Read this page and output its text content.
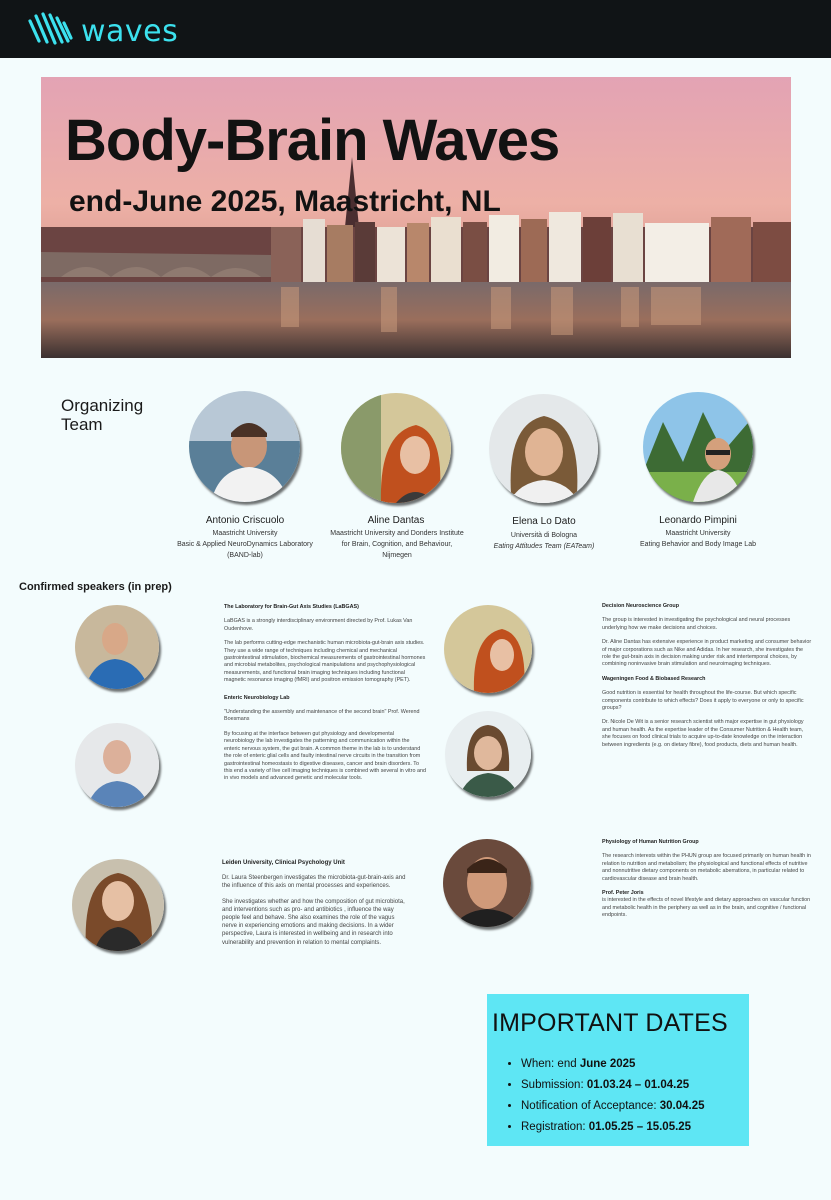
waves
Body-Brain Waves
end-June 2025, Maastricht, NL
Organizing
Team
Antonio Criscuolo
Maastricht University
Basic & Applied NeuroDynamics Laboratory
(BAND-lab)
Aline Dantas
Maastricht University and Donders Institute
for Brain, Cognition, and Behaviour,
Nijmegen
Elena Lo Dato
Università di Bologna
Eating Attitudes Team (EATeam)
Leonardo Pimpini
Maastricht University
Eating Behavior and Body Image Lab
Confirmed speakers (in prep)
The Laboratory for Brain-Gut Axis Studies (LaBGAS)

LaBGAS is a strongly interdisciplinary environment directed by Prof. Lukas Van Oudenhove.

The lab performs cutting-edge mechanistic human microbiota-gut-brain axis studies. They use a wide range of techniques including chemical and mechanical gastrointestinal stimulation, biochemical measurements of gastrointestinal hormones and microbial metabolites, psychological manipulations and psychophysiological measurements, and functional brain imaging techniques including functional magnetic resonance imaging (fMRI) and positron emission tomography (PET).

Enteric Neurobiology Lab

"Understanding the assembly and maintenance of the second brain" Prof. Werend Boesmans

By focusing at the interface between gut physiology and developmental neurobiology the lab investigates the patterning and communication within the enteric nervous system, the gut brain. A common theme in the lab is to understand the role of enteric glial cells and faulty intestinal nerve circuits in the transition from gastrointestinal homeostasis to digestive diseases, cancer and brain disorders. To this end a variety of live cell imaging techniques is combined with several in vitro and in vivo models and advanced genetic and molecular tools.

Leiden University, Clinical Psychology Unit

Dr. Laura Steenbergen investigates the microbiota-gut-brain-axis and the influence of this axis on mental processes and experiences.

She investigates whether and how the composition of gut microbiota, and interventions such as pro- and antibiotics , influence the way people feel and behave. She also examines the role of the vagus nerve in experiencing emotions and making decisions. In a wider perspective, Laura is interested in wellbeing and in research into vulnerability and prevention in relation to mental complaints.

Decision Neuroscience Group

The group is interested in investigating the psychological and neural processes underlying how we make decisions and choices.

Dr. Aline Dantas has extensive experience in product marketing and consumer behavior of major corporations such as Nike and Adidas. In her research, she investigates the role the gut-brain axis in decision making under risk and intertemporal choices, by combining noninvasive brain stimulation and neuroimaging techniques.

Wageningen Food & Biobased Research

Good nutrition is essential for health throughout the life-course. But which specific components contribute to which effects? Does it apply to everyone or only to specific groups?

Dr. Nicole De Wit is a senior research scientist with major expertise in gut physiology and human health. As the expertise leader of the Consumer Nutrition & Health team, she focuses on food clinical trials to acquire up-to-date knowledge on the interaction between ingredients (e.g. on dietary fibre), food products, diets and human health.

Physiology of Human Nutrition Group

The research interests within the PHUN group are focused primarily on human health in relation to nutrition and metabolism; the physiological and functional effects of nutritive and nonnutritive dietary components on metabolic aberrations, in particular related to cardiovascular disease and brain health.

Prof. Peter Joris

is interested in the effects of novel lifestyle and dietary approaches on vascular function and metabolic health in the periphery as well as in the brain, and cognitive / functional endpoints.

IMPORTANT DATES
• When: end June 2025
• Submission: 01.03.24 – 01.04.25
• Notification of Acceptance: 30.04.25
• Registration: 01.05.25 – 15.05.25
